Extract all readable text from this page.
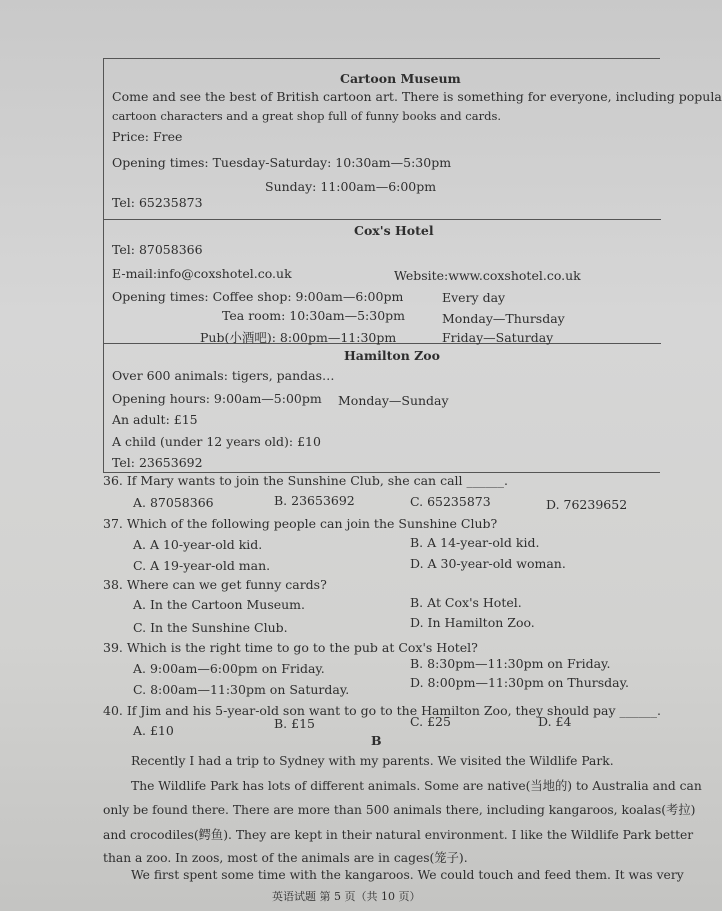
Cartoon Museum
Come and see the best of British cartoon art. There is something for everyone, including popula
cartoon characters and a great shop full of funny books and cards.
Price: Free
Opening times: Tuesday-Saturday: 10:30am—5:30pm
Sunday: 11:00am—6:00pm
Tel: 65235873
Cox's Hotel
Tel: 87058366
E-mail:info@coxshotel.co.uk	Website:www.coxshotel.co.uk
Opening times: Coffee shop: 9:00am—6:00pm	Every day
Tea room: 10:30am—5:30pm	Monday—Thursday
Pub(小酒吧): 8:00pm—11:30pm	Friday—Saturday
Hamilton Zoo
Over 600 animals: tigers, pandas…
Opening hours: 9:00am—5:00pm Monday—Sunday
An adult: £15
A child (under 12 years old): £10
Tel: 23653692
36. If Mary wants to join the Sunshine Club, she can call ______.
A. 87058366	B. 23653692	C. 65235873	D. 76239652
37. Which of the following people can join the Sunshine Club?
A. A 10-year-old kid.	B. A 14-year-old kid.
C. A 19-year-old man.	D. A 30-year-old woman.
38. Where can we get funny cards?
A. In the Cartoon Museum.	B. At Cox's Hotel.
C. In the Sunshine Club.	D. In Hamilton Zoo.
39. Which is the right time to go to the pub at Cox's Hotel?
A. 9:00am—6:00pm on Friday.	B. 8:30pm—11:30pm on Friday.
C. 8:00am—11:30pm on Saturday.	D. 8:00pm—11:30pm on Thursday.
40. If Jim and his 5-year-old son want to go to the Hamilton Zoo, they should pay ______.
A. £10	B. £15	C. £25	D. £4
B
Recently I had a trip to Sydney with my parents. We visited the Wildlife Park.
The Wildlife Park has lots of different animals. Some are native(当地的) to Australia and can
only be found there. There are more than 500 animals there, including kangaroos, koalas(考拉)
and crocodiles(鳄鱼). They are kept in their natural environment. I like the Wildlife Park better
than a zoo. In zoos, most of the animals are in cages(笼子).
We first spent some time with the kangaroos. We could touch and feed them. It was very
英语试题 第 5 页（共 10 页）
